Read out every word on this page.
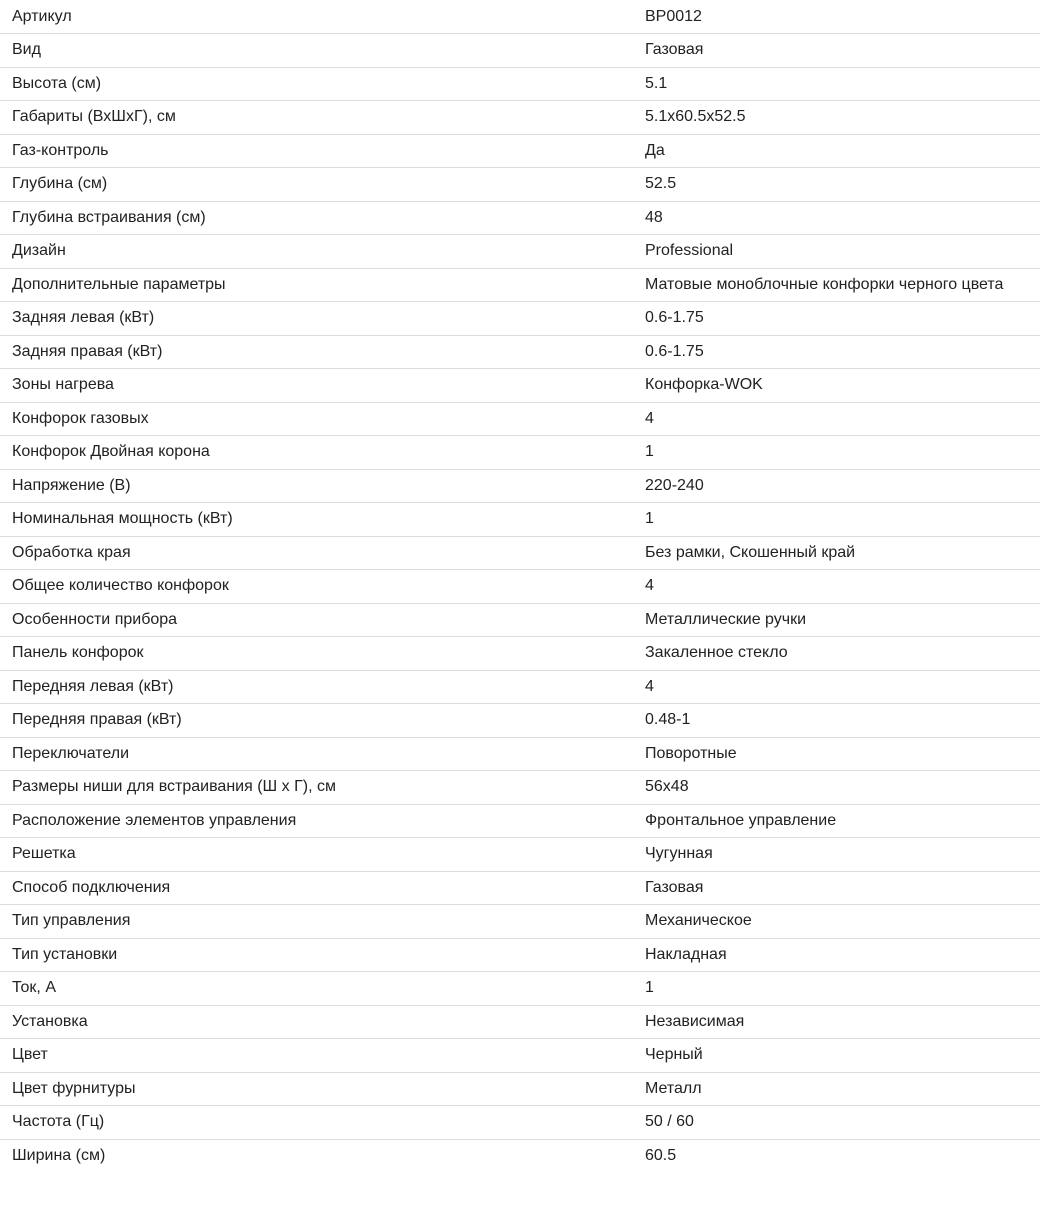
Артикул	BP0012
Вид	Газовая
Высота (см)	5.1
Габариты (ВхШхГ), см	5.1x60.5x52.5
Газ-контроль	Да
Глубина (см)	52.5
Глубина встраивания (см)	48
Дизайн	Professional
Дополнительные параметры	Матовые моноблочные конфорки черного цвета
Задняя левая (кВт)	0.6-1.75
Задняя правая (кВт)	0.6-1.75
Зоны нагрева	Конфорка-WOK
Конфорок газовых	4
Конфорок Двойная корона	1
Напряжение (В)	220-240
Номинальная мощность (кВт)	1
Обработка края	Без рамки, Скошенный край
Общее количество конфорок	4
Особенности прибора	Металлические ручки
Панель конфорок	Закаленное стекло
Передняя левая (кВт)	4
Передняя правая (кВт)	0.48-1
Переключатели	Поворотные
Размеры ниши для встраивания (Ш х Г), см	56x48
Расположение элементов управления	Фронтальное управление
Решетка	Чугунная
Способ подключения	Газовая
Тип управления	Механическое
Тип установки	Накладная
Ток, А	1
Установка	Независимая
Цвет	Черный
Цвет фурнитуры	Металл
Частота (Гц)	50 / 60
Ширина (см)	60.5
